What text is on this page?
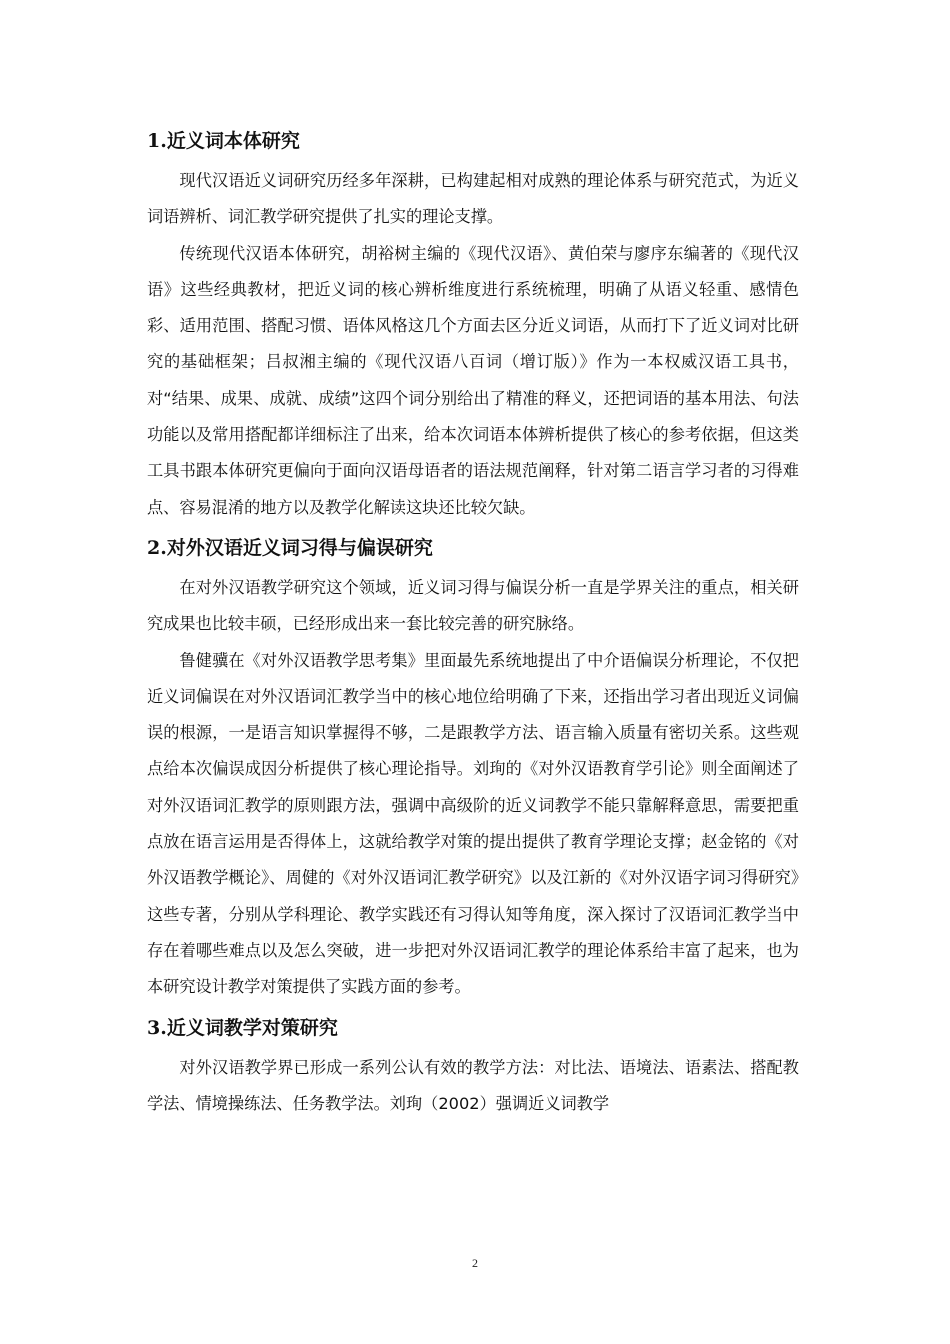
1.近义词本体研究

现代汉语近义词研究历经多年深耕，已构建起相对成熟的理论体系与研究范式，为近义词语辨析、词汇教学研究提供了扎实的理论支撑。

传统现代汉语本体研究，胡裕树主编的《现代汉语》、黄伯荣与廖序东编著的《现代汉语》这些经典教材，把近义词的核心辨析维度进行系统梳理，明确了从语义轻重、感情色彩、适用范围、搭配习惯、语体风格这几个方面去区分近义词语，从而打下了近义词对比研究的基础框架；吕叔湘主编的《现代汉语八百词（增订版）》作为一本权威汉语工具书，对“结果、成果、成就、成绩”这四个词分别给出了精准的释义，还把词语的基本用法、句法功能以及常用搭配都详细标注了出来，给本次词语本体辨析提供了核心的参考依据，但这类工具书跟本体研究更偏向于面向汉语母语者的语法规范阐释，针对第二语言学习者的习得难点、容易混淆的地方以及教学化解读这块还比较欠缺。

2.对外汉语近义词习得与偏误研究

在对外汉语教学研究这个领域，近义词习得与偏误分析一直是学界关注的重点，相关研究成果也比较丰硕，已经形成出来一套比较完善的研究脉络。

鲁健骥在《对外汉语教学思考集》里面最先系统地提出了中介语偏误分析理论，不仅把近义词偏误在对外汉语词汇教学当中的核心地位给明确了下来，还指出学习者出现近义词偏误的根源，一是语言知识掌握得不够，二是跟教学方法、语言输入质量有密切关系。这些观点给本次偏误成因分析提供了核心理论指导。刘珣的《对外汉语教育学引论》则全面阐述了对外汉语词汇教学的原则跟方法，强调中高级阶的近义词教学不能只靠解释意思，需要把重点放在语言运用是否得体上，这就给教学对策的提出提供了教育学理论支撑；赵金铭的《对外汉语教学概论》、周健的《对外汉语词汇教学研究》以及江新的《对外汉语字词习得研究》这些专著，分别从学科理论、教学实践还有习得认知等角度，深入探讨了汉语词汇教学当中存在着哪些难点以及怎么突破，进一步把对外汉语词汇教学的理论体系给丰富了起来，也为本研究设计教学对策提供了实践方面的参考。

3.近义词教学对策研究

对外汉语教学界已形成一系列公认有效的教学方法：对比法、语境法、语素法、搭配教学法、情境操练法、任务教学法。刘珣（2002）强调近义词教学

2
